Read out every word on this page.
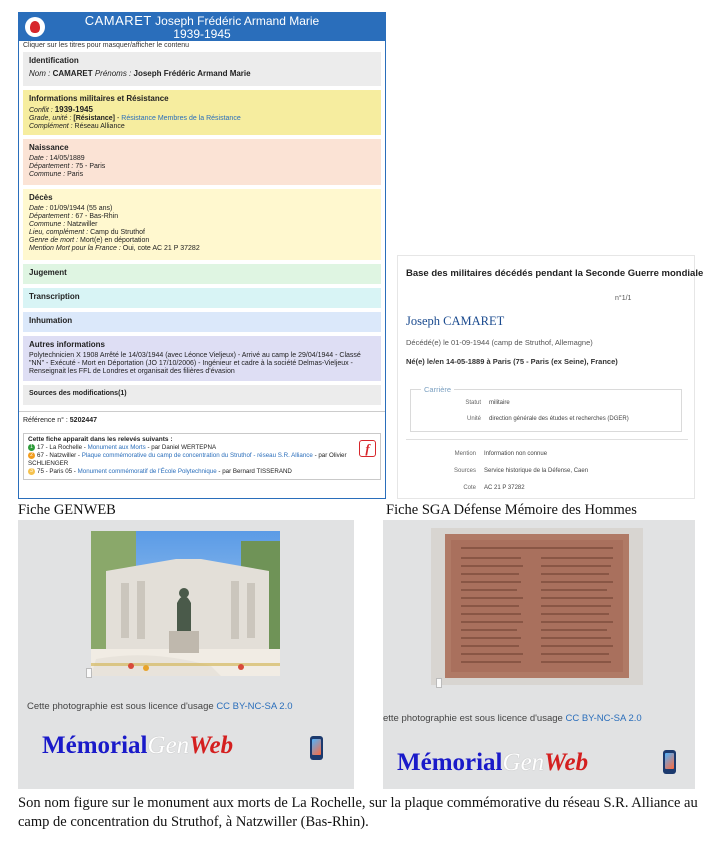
CAMARET Joseph Frédéric Armand Marie
1939-1945
Cliquer sur les titres pour masquer/afficher le contenu
Identification
Nom : CAMARET Prénoms : Joseph Frédéric Armand Marie
Informations militaires et Résistance
Conflit : 1939-1945
Grade, unité : [Résistance] - Résistance Membres de la Résistance
Complément : Réseau Alliance
Naissance
Date : 14/05/1889
Département : 75 - Paris
Commune : Paris
Décès
Date : 01/09/1944 (55 ans)
Département : 67 - Bas-Rhin
Commune : Natzwiller
Lieu, complément : Camp du Struthof
Genre de mort : Mort(e) en déportation
Mention Mort pour la France : Oui, cote AC 21 P 37282
Jugement
Transcription
Inhumation
Autres informations
Polytechnicien X 1908 Arrêté le 14/03/1944 (avec Léonce Vieljeux) - Arrivé au camp le 29/04/1944 - Classé "NN" - Exécuté - Mort en Déportation (JO 17/10/2006) - Ingénieur et cadre à la société Delmas-Vieljeux - Renseignait les FFL de Londres et organisait des filières d'évasion
Sources des modifications(1)
Référence n° : 5202447
Cette fiche apparaît dans les relevés suivants :
1 17 - La Rochelle - Monument aux Morts - par Daniel WERTEPNA
2 67 - Natzwiller - Plaque commémorative du camp de concentration du Struthof - réseau S.R. Alliance - par Olivier SCHLIENGER
3 75 - Paris 05 - Monument commémoratif de l'École Polytechnique - par Bernard TISSERAND
f
Base des militaires décédés pendant la Seconde Guerre mondiale
n°1/1
Joseph CAMARET
Décédé(e) le 01-09-1944 (camp de Struthof, Allemagne)
Né(e) le/en 14-05-1889 à Paris (75 - Paris (ex Seine), France)
Carrière
Statut militaire
Unité direction générale des études et recherches (DGER)
Mention Information non connue
Sources Service historique de la Défense, Caen
Cote AC 21 P 37282
Fiche GENWEB	Fiche SGA Défense Mémoire des Hommes
Cette photographie est sous licence d'usage CC BY-NC-SA 2.0
MémorialGenWeb
ette photographie est sous licence d'usage CC BY-NC-SA 2.0
MémorialGenWeb
Son nom figure sur le monument aux morts de La Rochelle, sur la plaque commémorative du réseau S.R. Alliance au camp de concentration du Struthof, à Natzwiller (Bas-Rhin).
